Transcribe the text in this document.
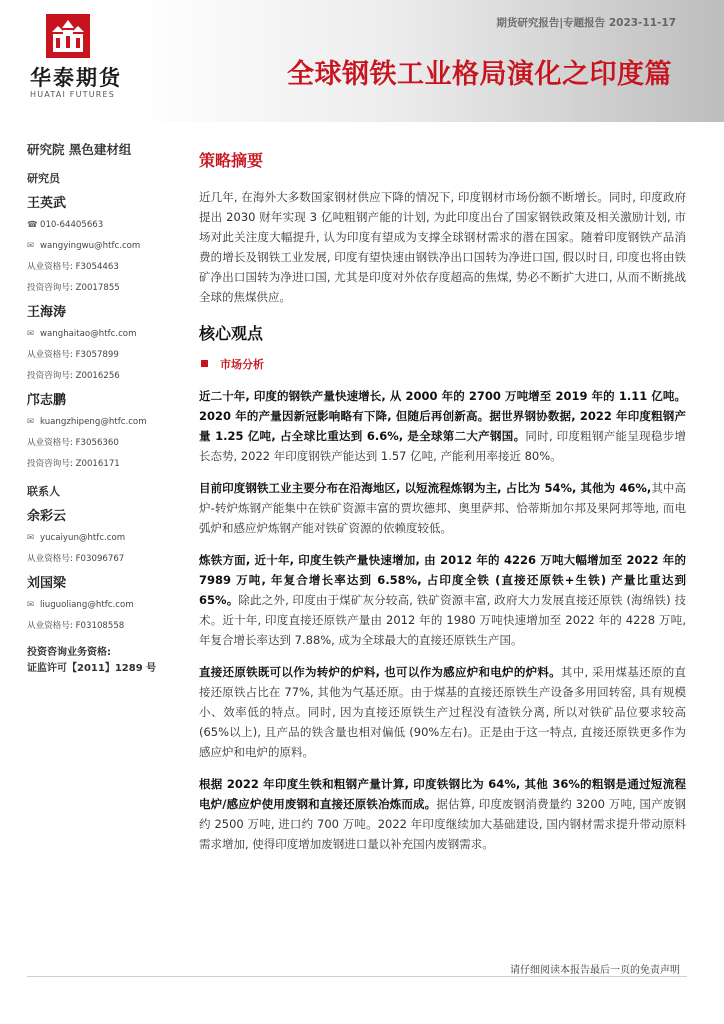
华泰期货
HUATAI FUTURES
期货研究报告|专题报告 2023-11-17
全球钢铁工业格局演化之印度篇
研究院 黑色建材组
研究员
王英武
☎ 010-64405663
✉ wangyingwu@htfc.com
从业资格号: F3054463
投资咨询号: Z0017855
王海涛
✉ wanghaitao@htfc.com
从业资格号: F3057899
投资咨询号: Z0016256
邝志鹏
✉ kuangzhipeng@htfc.com
从业资格号: F3056360
投资咨询号: Z0016171
联系人
余彩云
✉ yucaiyun@htfc.com
从业资格号: F03096767
刘国梁
✉ liuguoliang@htfc.com
从业资格号: F03108558
投资咨询业务资格:
证监许可【2011】1289 号
策略摘要

近几年, 在海外大多数国家钢材供应下降的情况下, 印度钢材市场份额不断增长。同时, 印度政府提出 2030 财年实现 3 亿吨粗钢产能的计划, 为此印度出台了国家钢铁政策及相关激励计划, 市场对此关注度大幅提升, 认为印度有望成为支撑全球钢材需求的潜在国家。随着印度钢铁产品消费的增长及钢铁工业发展, 印度有望快速由钢铁净出口国转为净进口国, 假以时日, 印度也将由铁矿净出口国转为净进口国, 尤其是印度对外依存度超高的焦煤, 势必不断扩大进口, 从而不断挑战全球的焦煤供应。

核心观点
市场分析

近二十年, 印度的钢铁产量快速增长, 从 2000 年的 2700 万吨增至 2019 年的 1.11 亿吨。2020 年的产量因新冠影响略有下降, 但随后再创新高。据世界钢协数据, 2022 年印度粗钢产量 1.25 亿吨, 占全球比重达到 6.6%, 是全球第二大产钢国。同时, 印度粗钢产能呈现稳步增长态势, 2022 年印度钢铁产能达到 1.57 亿吨, 产能利用率接近 80%。

目前印度钢铁工业主要分布在沿海地区, 以短流程炼钢为主, 占比为 54%, 其他为 46%,其中高炉-转炉炼钢产能集中在铁矿资源丰富的贾坎德邦、奥里萨邦、恰蒂斯加尔邦及果阿邦等地, 而电弧炉和感应炉炼钢产能对铁矿资源的依赖度较低。

炼铁方面, 近十年, 印度生铁产量快速增加, 由 2012 年的 4226 万吨大幅增加至 2022 年的 7989 万吨, 年复合增长率达到 6.58%, 占印度全铁 (直接还原铁+生铁) 产量比重达到 65%。除此之外, 印度由于煤矿灰分较高, 铁矿资源丰富, 政府大力发展直接还原铁 (海绵铁) 技术。近十年, 印度直接还原铁产量由 2012 年的 1980 万吨快速增加至 2022 年的 4228 万吨, 年复合增长率达到 7.88%, 成为全球最大的直接还原铁生产国。

直接还原铁既可以作为转炉的炉料, 也可以作为感应炉和电炉的炉料。其中, 采用煤基还原的直接还原铁占比在 77%, 其他为气基还原。由于煤基的直接还原铁生产设备多用回转窑, 具有规模小、效率低的特点。同时, 因为直接还原铁生产过程没有渣铁分离, 所以对铁矿品位要求较高 (65%以上), 且产品的铁含量也相对偏低 (90%左右)。正是由于这一特点, 直接还原铁更多作为感应炉和电炉的原料。

根据 2022 年印度生铁和粗钢产量计算, 印度铁钢比为 64%, 其他 36%的粗钢是通过短流程电炉/感应炉使用废钢和直接还原铁冶炼而成。据估算, 印度废钢消费量约 3200 万吨, 国产废钢约 2500 万吨, 进口约 700 万吨。2022 年印度继续加大基础建设, 国内钢材需求提升带动原料需求增加, 使得印度增加废钢进口量以补充国内废钢需求。

请仔细阅读本报告最后一页的免责声明
